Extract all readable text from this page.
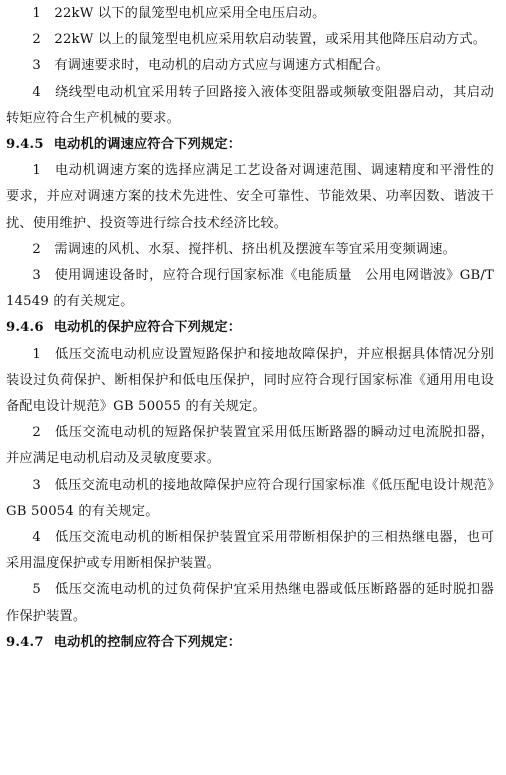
1　22kW 以下的鼠笼型电机应采用全电压启动。

2　22kW 以上的鼠笼型电机应采用软启动装置，或采用其他降压启动方式。

3　有调速要求时，电动机的启动方式应与调速方式相配合。

4　绕线型电动机宜采用转子回路接入液体变阻器或频敏变阻器启动，其启动转矩应符合生产机械的要求。

9.4.5 电动机的调速应符合下列规定：

1　电动机调速方案的选择应满足工艺设备对调速范围、调速精度和平滑性的要求，并应对调速方案的技术先进性、安全可靠性、节能效果、功率因数、谐波干扰、使用维护、投资等进行综合技术经济比较。

2　需调速的风机、水泵、搅拌机、挤出机及摆渡车等宜采用变频调速。

3　使用调速设备时，应符合现行国家标准《电能质量　公用电网谐波》GB/T 14549 的有关规定。

9.4.6 电动机的保护应符合下列规定：

1　低压交流电动机应设置短路保护和接地故障保护，并应根据具体情况分别装设过负荷保护、断相保护和低电压保护，同时应符合现行国家标准《通用用电设备配电设计规范》GB 50055 的有关规定。

2　低压交流电动机的短路保护装置宜采用低压断路器的瞬动过电流脱扣器，并应满足电动机启动及灵敏度要求。

3　低压交流电动机的接地故障保护应符合现行国家标准《低压配电设计规范》GB 50054 的有关规定。

4　低压交流电动机的断相保护装置宜采用带断相保护的三相热继电器，也可采用温度保护或专用断相保护装置。

5　低压交流电动机的过负荷保护宜采用热继电器或低压断路器的延时脱扣器作保护装置。

9.4.7 电动机的控制应符合下列规定：
